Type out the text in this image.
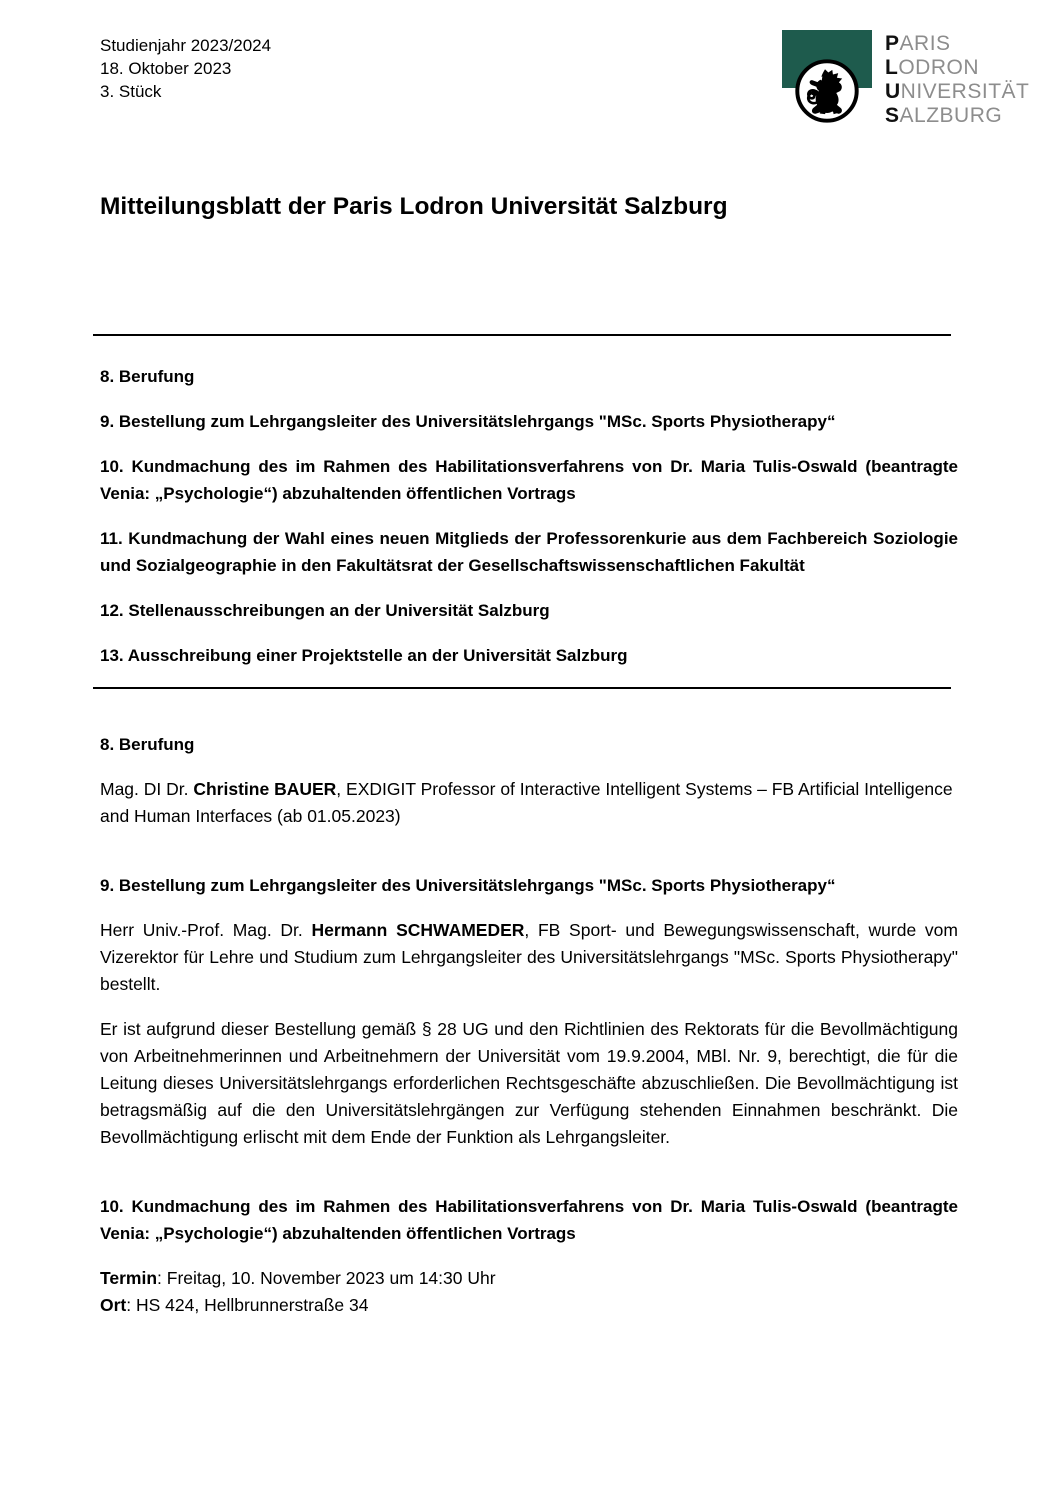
Studienjahr 2023/2024
18. Oktober 2023
3. Stück
PARIS
LODRON
UNIVERSITÄT
SALZBURG
Mitteilungsblatt der Paris Lodron Universität Salzburg
8. Berufung
9. Bestellung zum Lehrgangsleiter des Universitätslehrgangs "MSc. Sports Physiotherapy“
10. Kundmachung des im Rahmen des Habilitationsverfahrens von Dr. Maria Tulis-Oswald (beantragte Venia: „Psychologie“) abzuhaltenden öffentlichen Vortrags
11. Kundmachung der Wahl eines neuen Mitglieds der Professorenkurie aus dem Fachbereich Soziologie und Sozialgeographie in den Fakultätsrat der Gesellschaftswissenschaftlichen Fakultät
12. Stellenausschreibungen an der Universität Salzburg
13. Ausschreibung einer Projektstelle an der Universität Salzburg
8. Berufung

Mag. DI Dr. Christine BAUER, EXDIGIT Professor of Interactive Intelligent Systems – FB Artificial Intelligence and Human Interfaces (ab 01.05.2023)

9. Bestellung zum Lehrgangsleiter des Universitätslehrgangs "MSc. Sports Physiotherapy“

Herr Univ.-Prof. Mag. Dr. Hermann SCHWAMEDER, FB Sport- und Bewegungswissenschaft, wurde vom Vizerektor für Lehre und Studium zum Lehrgangsleiter des Universitätslehrgangs "MSc. Sports Physiotherapy" bestellt.

Er ist aufgrund dieser Bestellung gemäß § 28 UG und den Richtlinien des Rektorats für die Bevollmächtigung von Arbeitnehmerinnen und Arbeitnehmern der Universität vom 19.9.2004, MBl. Nr. 9, berechtigt, die für die Leitung dieses Universitätslehrgangs erforderlichen Rechtsgeschäfte abzuschließen. Die Bevollmächtigung ist betragsmäßig auf die den Universitätslehrgängen zur Verfügung stehenden Einnahmen beschränkt. Die Bevollmächtigung erlischt mit dem Ende der Funktion als Lehrgangsleiter.

10. Kundmachung des im Rahmen des Habilitationsverfahrens von Dr. Maria Tulis-Oswald (beantragte Venia: „Psychologie“) abzuhaltenden öffentlichen Vortrags

Termin: Freitag, 10. November 2023 um 14:30 Uhr

Ort: HS 424, Hellbrunnerstraße 34
